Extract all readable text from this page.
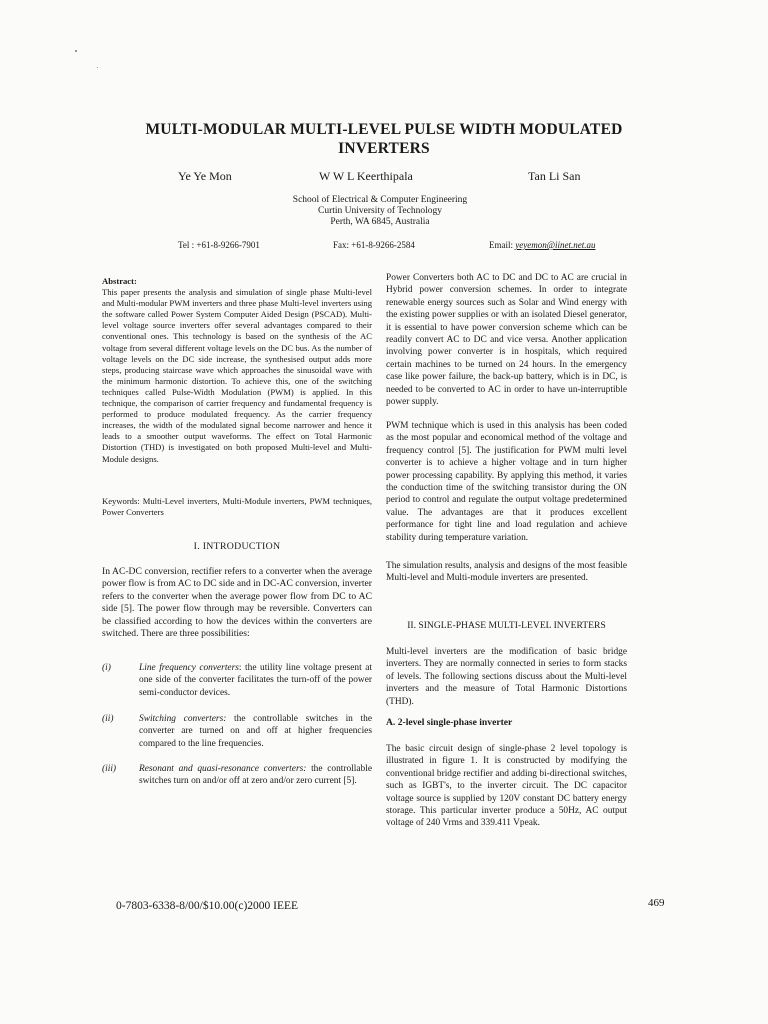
MULTI-MODULAR MULTI-LEVEL PULSE WIDTH MODULATED
INVERTERS
Ye Ye Mon	W W L Keerthipala	Tan Li San
School of Electrical & Computer Engineering
Curtin University of Technology
Perth, WA 6845, Australia
Tel : +61-8-9266-7901	Fax: +61-8-9266-2584	Email: yeyemon@iinet.net.au
Abstract:

This paper presents the analysis and simulation of single phase Multi-level and Multi-modular PWM inverters and three phase Multi-level inverters using the software called Power System Computer Aided Design (PSCAD). Multi-level voltage source inverters offer several advantages compared to their conventional ones. This technology is based on the synthesis of the AC voltage from several different voltage levels on the DC bus. As the number of voltage levels on the DC side increase, the synthesised output adds more steps, producing staircase wave which approaches the sinusoidal wave with the minimum harmonic distortion. To achieve this, one of the switching techniques called Pulse-Width Modulation (PWM) is applied. In this technique, the comparison of carrier frequency and fundamental frequency is performed to produce modulated frequency. As the carrier frequency increases, the width of the modulated signal become narrower and hence it leads to a smoother output waveforms. The effect on Total Harmonic Distortion (THD) is investigated on both proposed Multi-level and Multi-Module designs.

Keywords: Multi-Level inverters, Multi-Module inverters, PWM techniques, Power Converters
I. INTRODUCTION
In AC-DC conversion, rectifier refers to a converter when the average power flow is from AC to DC side and in DC-AC conversion, inverter refers to the converter when the average power flow from DC to AC side [5]. The power flow through may be reversible. Converters can be classified according to how the devices within the converters are switched. There are three possibilities:
(i)	Line frequency converters: the utility line voltage present at one side of the converter facilitates the turn-off of the power semi-conductor devices.
(ii)	Switching converters: the controllable switches in the converter are turned on and off at higher frequencies compared to the line frequencies.
(iii) Resonant and quasi-resonance converters: the controllable switches turn on and/or off at zero and/or zero current [5].
Power Converters both AC to DC and DC to AC are crucial in Hybrid power conversion schemes. In order to integrate renewable energy sources such as Solar and Wind energy with the existing power supplies or with an isolated Diesel generator, it is essential to have power conversion scheme which can be readily convert AC to DC and vice versa. Another application involving power converter is in hospitals, which required certain machines to be turned on 24 hours. In the emergency case like power failure, the back-up battery, which is in DC, is needed to be converted to AC in order to have un-interruptible power supply.
PWM technique which is used in this analysis has been coded as the most popular and economical method of the voltage and frequency control [5]. The justification for PWM multi level converter is to achieve a higher voltage and in turn higher power processing capability. By applying this method, it varies the conduction time of the switching transistor during the ON period to control and regulate the output voltage predetermined value. The advantages are that it produces excellent performance for tight line and load regulation and achieve stability during temperature variation.
The simulation results, analysis and designs of the most feasible Multi-level and Multi-module inverters are presented.
II. SINGLE-PHASE MULTI-LEVEL INVERTERS
Multi-level inverters are the modification of basic bridge inverters. They are normally connected in series to form stacks of levels. The following sections discuss about the Multi-level inverters and the measure of Total Harmonic Distortions (THD).
A. 2-level single-phase inverter
The basic circuit design of single-phase 2 level topology is illustrated in figure 1. It is constructed by modifying the conventional bridge rectifier and adding bi-directional switches, such as IGBT's, to the inverter circuit. The DC capacitor voltage source is supplied by 120V constant DC battery energy storage. This particular inverter produce a 50Hz, AC output voltage of 240 Vrms and 339.411 Vpeak.
0-7803-6338-8/00/$10.00(c)2000 IEEE	469
